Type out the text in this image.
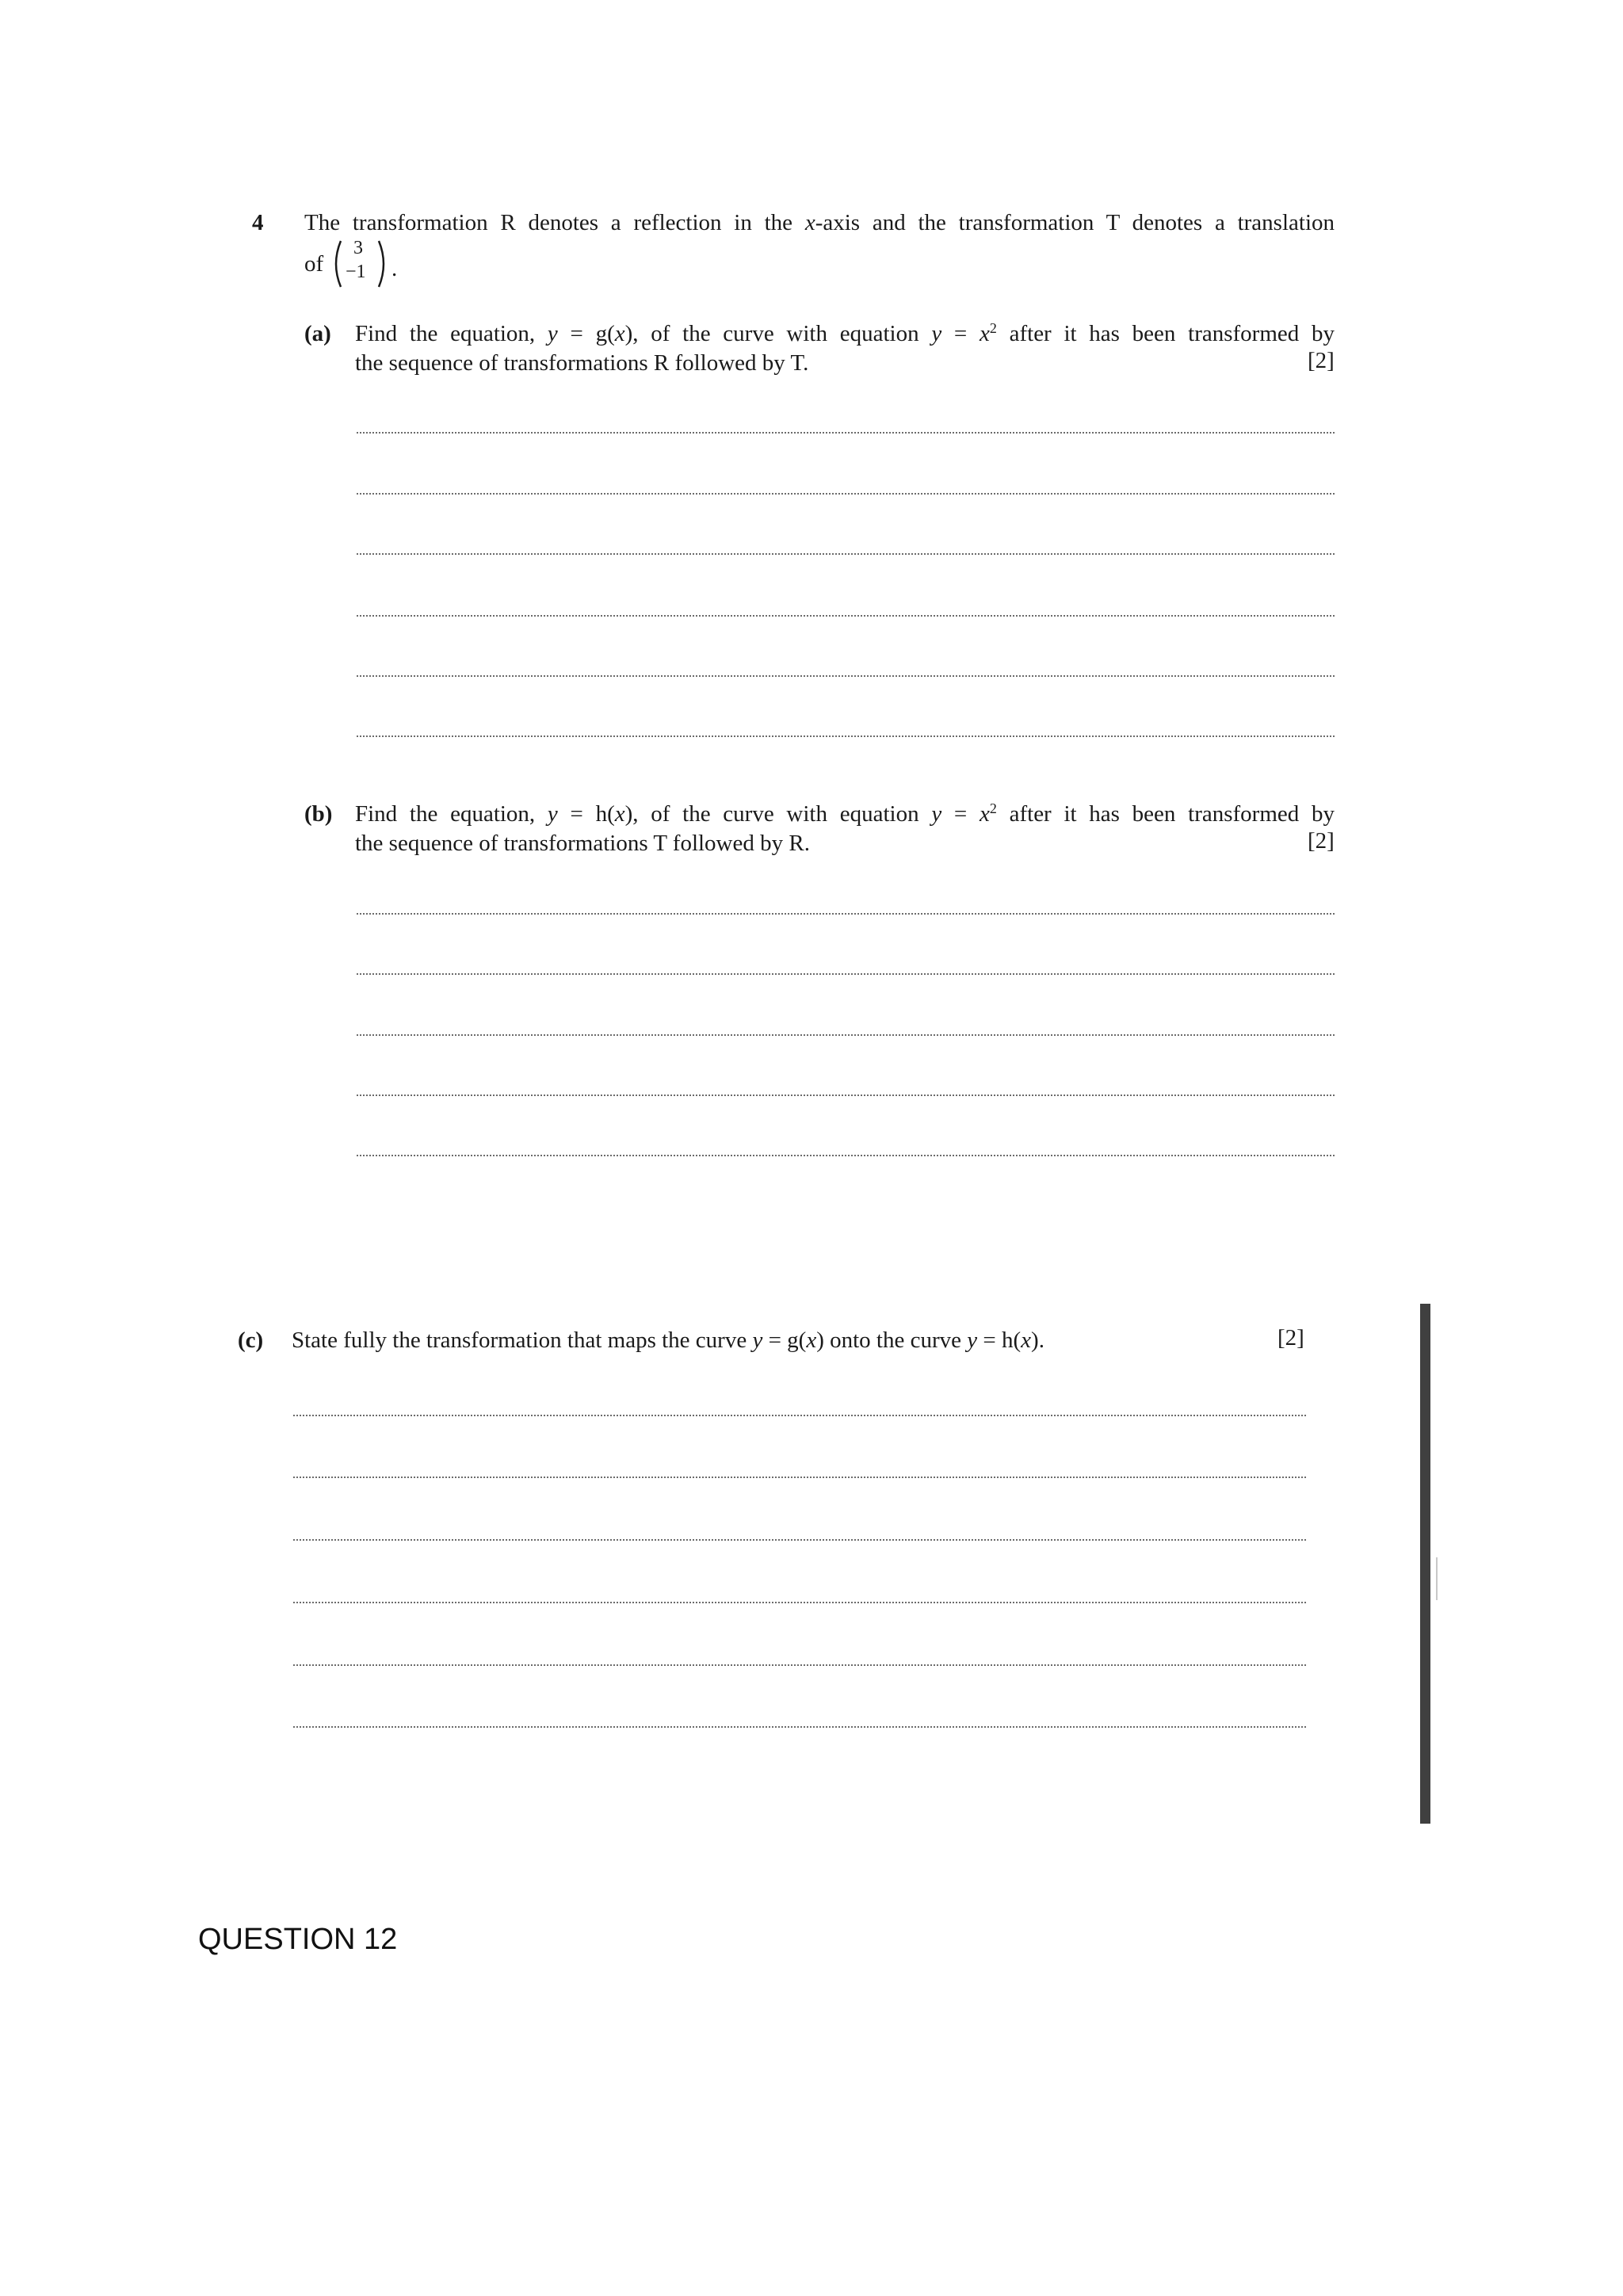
4 The transformation R denotes a reflection in the x-axis and the transformation T denotes a translation
of
3
−1 .
(a) Find the equation, y = g(x), of the curve with equation $y = x^2$ after it has been transformed by
the sequence of transformations R followed by T.	[2]
(b) Find the equation, y = h(x), of the curve with equation $y = x^2$ after it has been transformed by
the sequence of transformations T followed by R.	[2]
(c) State fully the transformation that maps the curve y = g(x) onto the curve y = h(x).	[2]
QUESTION 12
